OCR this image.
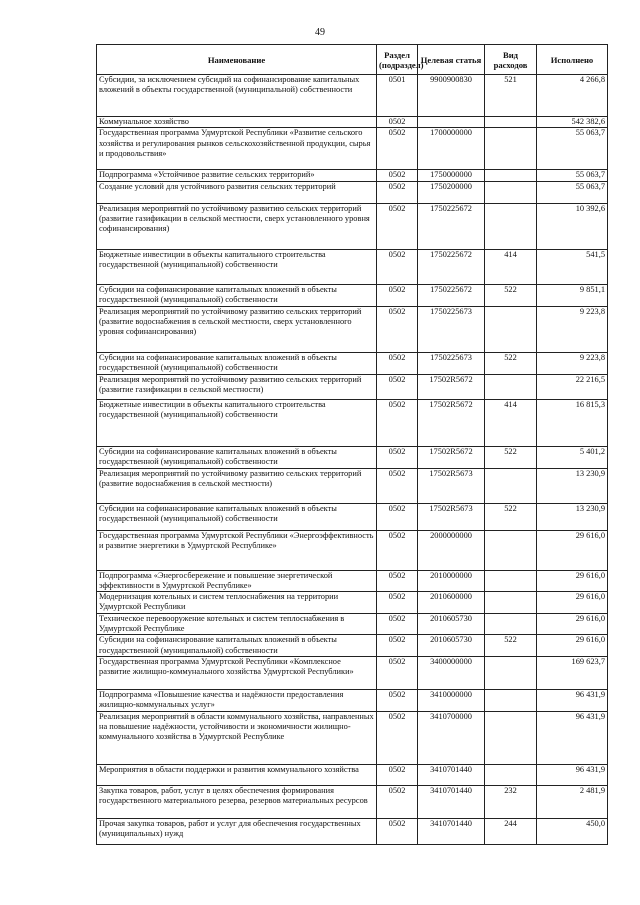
49
Наименование	Раздел (подраздел)	Целевая статья	Вид расходов	Исполнено
Субсидии, за исключением субсидий на софинансирование капитальных вложений в объекты государственной (муниципальной) собственности	0501	9900900830	521	4 266,8
Коммунальное хозяйство	0502			542 382,6
Государственная программа Удмуртской Республики «Развитие сельского хозяйства и регулирования рынков сельскохозяйственной продукции, сырья и продовольствия»	0502	1700000000		55 063,7
Подпрограмма «Устойчивое развитие сельских территорий»	0502	1750000000		55 063,7
Создание условий для устойчивого развития сельских территорий	0502	1750200000		55 063,7
Реализация мероприятий по устойчивому развитию сельских территорий (развитие газификации в сельской местности, сверх установленного уровня софинансирования)	0502	1750225672		10 392,6
Бюджетные инвестиции в объекты капитального строительства государственной (муниципальной) собственности	0502	1750225672	414	541,5
Субсидии на софинансирование капитальных вложений в объекты государственной (муниципальной) собственности	0502	1750225672	522	9 851,1
Реализация мероприятий по устойчивому развитию сельских территорий (развитие водоснабжения в сельской местности, сверх установленного уровня софинансирования)	0502	1750225673		9 223,8
Субсидии на софинансирование капитальных вложений в объекты государственной (муниципальной) собственности	0502	1750225673	522	9 223,8
Реализация мероприятий по устойчивому развитию сельских территорий (развитие газификации в сельской местности)	0502	17502R5672		22 216,5
Бюджетные инвестиции в объекты капитального строительства государственной (муниципальной) собственности	0502	17502R5672	414	16 815,3
Субсидии на софинансирование капитальных вложений в объекты государственной (муниципальной) собственности	0502	17502R5672	522	5 401,2
Реализация мероприятий по устойчивому развитию сельских территорий (развитие водоснабжения в сельской местности)	0502	17502R5673		13 230,9
Субсидии на софинансирование капитальных вложений в объекты государственной (муниципальной) собственности	0502	17502R5673	522	13 230,9
Государственная программа Удмуртской Республики «Энергоэффективность и развитие энергетики в Удмуртской Республике»	0502	2000000000		29 616,0
Подпрограмма «Энергосбережение и повышение энергетической эффективности в Удмуртской Республике»	0502	2010000000		29 616,0
Модернизация котельных и систем теплоснабжения на территории Удмуртской Республики	0502	2010600000		29 616,0
Техническое перевооружение котельных и систем теплоснабжения в Удмуртской Республике	0502	2010605730		29 616,0
Субсидии на софинансирование капитальных вложений в объекты государственной (муниципальной) собственности	0502	2010605730	522	29 616,0
Государственная программа Удмуртской Республики «Комплексное развитие жилищно-коммунального хозяйства Удмуртской Республики»	0502	3400000000		169 623,7
Подпрограмма «Повышение качества и надёжности предоставления жилищно-коммунальных услуг»	0502	3410000000		96 431,9
Реализация мероприятий в области коммунального хозяйства, направленных на повышение надёжности, устойчивости и экономичности жилищно-коммунального хозяйства в Удмуртской Республике	0502	3410700000		96 431,9
Мероприятия в области поддержки и развития коммунального хозяйства	0502	3410701440		96 431,9
Закупка товаров, работ, услуг в целях обеспечения формирования государственного материального резерва, резервов материальных ресурсов	0502	3410701440	232	2 481,9
Прочая закупка товаров, работ и услуг для обеспечения государственных (муниципальных) нужд	0502	3410701440	244	450,0
